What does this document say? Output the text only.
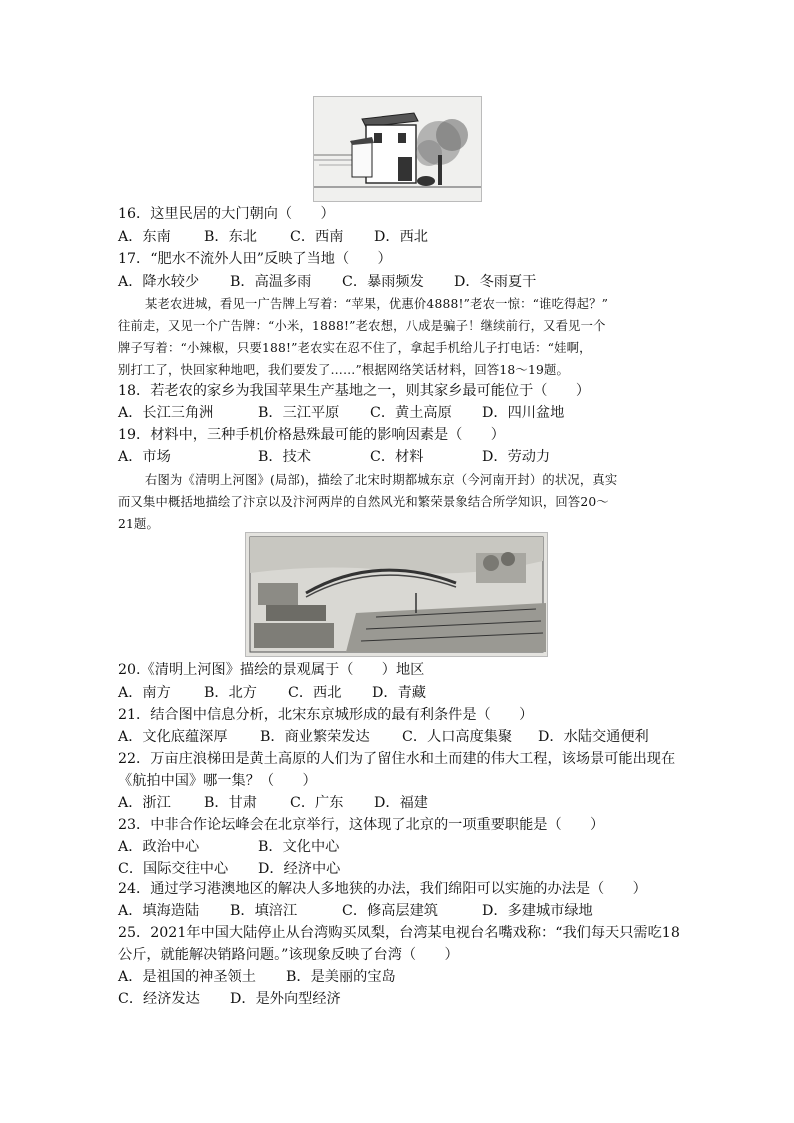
16．这里民居的大门朝向（　　）
A．东南 B．东北 C．西南 D．西北
17．“肥水不流外人田”反映了当地（　　）
A．降水较少 B．高温多雨 C．暴雨频发 D．冬雨夏干
某老农进城，看见一广告牌上写着：“苹果，优惠价4888!”老农一惊：“谁吃得起？”
往前走，又见一个广告牌：“小米，1888!”老农想，八成是骗子！继续前行，又看见一个
牌子写着：“小辣椒，只要188!”老农实在忍不住了，拿起手机给儿子打电话：“娃啊，
别打工了，快回家种地吧，我们要发了……”根据网络笑话材料，回答18～19题。
18．若老农的家乡为我国苹果生产基地之一，则其家乡最可能位于（　　）
A．长江三角洲	B．三江平原 C．黄土高原 D．四川盆地
19．材料中，三种手机价格悬殊最可能的影响因素是（　　）
A．市场	B．技术	C．材料	D．劳动力
右图为《清明上河图》(局部)，描绘了北宋时期都城东京（今河南开封）的状况，真实
而又集中概括地描绘了汴京以及汴河两岸的自然风光和繁荣景象结合所学知识，回答20～
21题。
20.《清明上河图》描绘的景观属于（　　）地区
A．南方 B．北方 C．西北 D．青藏
21．结合图中信息分析，北宋东京城形成的最有利条件是（　　）
A．文化底蕴深厚 B．商业繁荣发达 C．人口高度集聚 D．水陆交通便利
22．万亩庄浪梯田是黄土高原的人们为了留住水和土而建的伟大工程，该场景可能出现在
《航拍中国》哪一集？（　　）
A．浙江 B．甘肃 C．广东 D．福建
23．中非合作论坛峰会在北京举行，这体现了北京的一项重要职能是（　　）
A．政治中心	B．文化中心
C．国际交往中心 D．经济中心
24．通过学习港澳地区的解决人多地狭的办法，我们绵阳可以实施的办法是（　　）
A．填海造陆 B．填涪江	C．修高层建筑	D．多建城市绿地
25．2021年中国大陆停止从台湾购买凤梨，台湾某电视台名嘴戏称：“我们每天只需吃18
公斤，就能解决销路问题。”该现象反映了台湾（　　）
A．是祖国的神圣领土 B．是美丽的宝岛
C．经济发达 D．是外向型经济
